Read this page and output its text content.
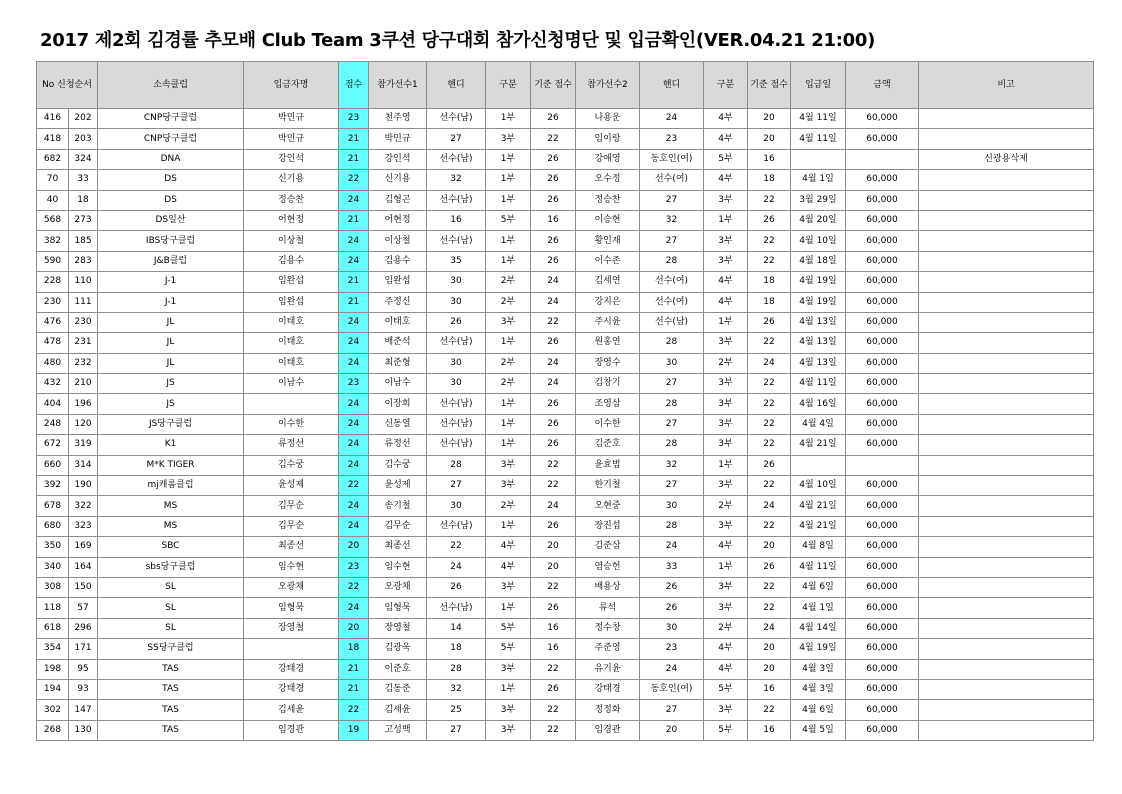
2017 제2회 김경률 추모배 Club Team 3쿠션 당구대회 참가신청명단 및 입금확인(VER.04.21 21:00)
No 신청순서		소속클럽	입금자명	점수	참가선수1	핸디	구분	기준 점수	참가선수2	핸디	구분	기준 점수	입금일	금액	비고
416	202	CNP당구클럽	박민규	23	천주영	선수(남)	1부	26	나용운	24	4부	20	4월 11일	60,000	
418	203	CNP당구클럽	박민규	21	박민규	27	3부	22	임이랑	23	4부	20	4월 11일	60,000	
682	324	DNA	강인석	21	강인석	선수(남)	1부	26	강애영	동호인(여)	5부	16			신광용삭제
70	33	DS	신기용	22	신기용	32	1부	26	오수정	선수(여)	4부	18	4월 1일	60,000	
40	18	DS	정승찬	24	김형곤	선수(남)	1부	26	정승찬	27	3부	22	3월 29일	60,000	
568	273	DS일산	어현정	21	어현정	16	5부	16	이승현	32	1부	26	4월 20일	60,000	
382	185	IBS당구클럽	이상철	24	이상철	선수(남)	1부	26	황인재	27	3부	22	4월 10일	60,000	
590	283	J&B클럽	김용수	24	김용수	35	1부	26	이수존	28	3부	22	4월 18일	60,000	
228	110	J-1	임완섭	21	임완섭	30	2부	24	김세연	선수(여)	4부	18	4월 19일	60,000	
230	111	J-1	임완섭	21	주정신	30	2부	24	강지은	선수(여)	4부	18	4월 19일	60,000	
476	230	JL	이태호	24	이태호	26	3부	22	주시윤	선수(남)	1부	26	4월 13일	60,000	
478	231	JL	이태호	24	배준석	선수(남)	1부	26	원홍연	28	3부	22	4월 13일	60,000	
480	232	JL	이태호	24	최준형	30	2부	24	장영수	30	2부	24	4월 13일	60,000	
432	210	JS	이남수	23	이남수	30	2부	24	김창기	27	3부	22	4월 11일	60,000	
404	196	JS		24	이장희	선수(남)	1부	26	조영삼	28	3부	22	4월 16일	60,000	
248	120	JS당구클럽	이수한	24	신동열	선수(남)	1부	26	이수한	27	3부	22	4월 4일	60,000	
672	319	K1	류정선	24	류정선	선수(남)	1부	26	김준호	28	3부	22	4월 21일	60,000	
660	314	M*K TIGER	김수궁	24	김수궁	28	3부	22	윤효범	32	1부	26			
392	190	mj캐롬클럽	윤성제	22	윤성제	27	3부	22	한기철	27	3부	22	4월 10일	60,000	
678	322	MS	김무순	24	송기철	30	2부	24	오현중	30	2부	24	4월 21일	60,000	
680	323	MS	김무순	24	김무순	선수(남)	1부	26	장진섭	28	3부	22	4월 21일	60,000	
350	169	SBC	최종선	20	최종선	22	4부	20	김준삼	24	4부	20	4월 8일	60,000	
340	164	sbs당구클럽	임수현	23	임수현	24	4부	20	염승헌	33	1부	26	4월 11일	60,000	
308	150	SL	오광채	22	오광채	26	3부	22	배용상	26	3부	22	4월 6일	60,000	
118	57	SL	임형묵	24	임형묵	선수(남)	1부	26	류석	26	3부	22	4월 1일	60,000	
618	296	SL	장영철	20	장영철	14	5부	16	정수창	30	2부	24	4월 14일	60,000	
354	171	SS당구클럽		18	김광욱	18	5부	16	주준영	23	4부	20	4월 19일	60,000	
198	95	TAS	강태경	21	이준호	28	3부	22	유기윤	24	4부	20	4월 3일	60,000	
194	93	TAS	강태경	21	김동준	32	1부	26	강태경	동호인(여)	5부	16	4월 3일	60,000	
302	147	TAS	김세윤	22	김세윤	25	3부	22	정정화	27	3부	22	4월 6일	60,000	
268	130	TAS	임경관	19	고성백	27	3부	22	임경관	20	5부	16	4월 5일	60,000	
